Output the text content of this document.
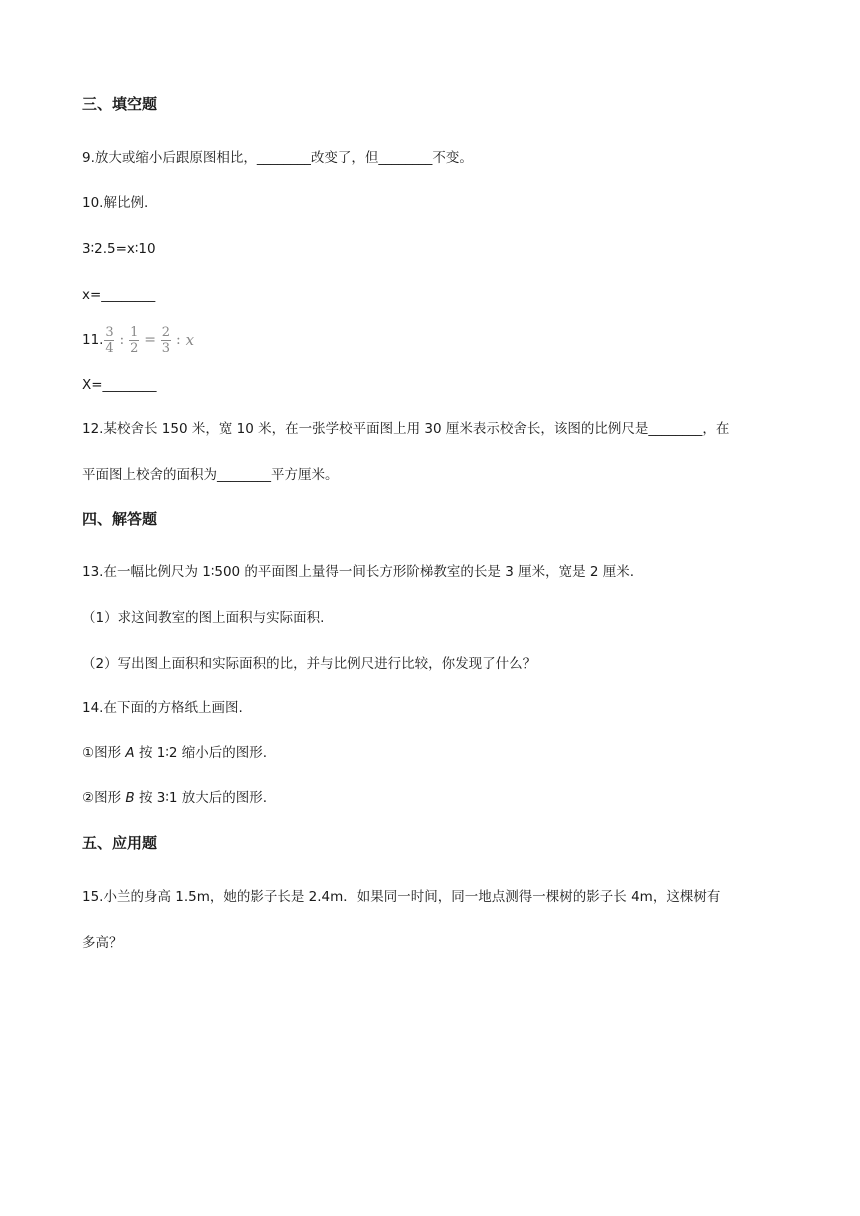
三、填空题
9.放大或缩小后跟原图相比，________改变了，但________不变。
10.解比例.
3∶2.5=x∶10
x=________
11. 3
4 : 1
2 = 2
3 : x
X=________
12.某校舍长 150 米，宽 10 米，在一张学校平面图上用 30 厘米表示校舍长，该图的比例尺是________，在
平面图上校舍的面积为________平方厘米。
四、解答题
13.在一幅比例尺为 1∶500 的平面图上量得一间长方形阶梯教室的长是 3 厘米，宽是 2 厘米.
（1）求这间教室的图上面积与实际面积.
（2）写出图上面积和实际面积的比，并与比例尺进行比较，你发现了什么？
14.在下面的方格纸上画图.
①图形 A 按 1∶2 缩小后的图形.
②图形 B 按 3∶1 放大后的图形.
五、应用题
15.小兰的身高 1.5m，她的影子长是 2.4m．如果同一时间，同一地点测得一棵树的影子长 4m，这棵树有
多高？
